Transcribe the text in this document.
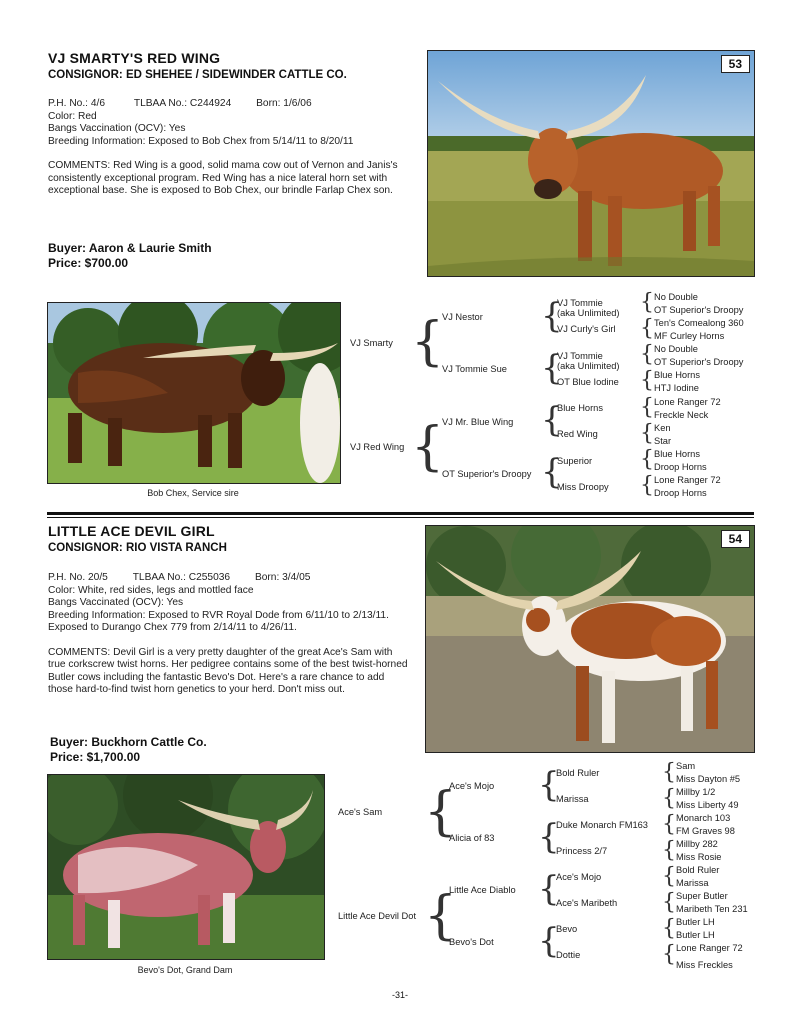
VJ SMARTY'S RED WING
CONSIGNOR: ED SHEHEE / SIDEWINDER CATTLE CO.
P.H. No.: 4/6	TLBAA No.: C244924 Born: 1/6/06
Color: Red
Bangs Vaccination (OCV): Yes
Breeding Information: Exposed to Bob Chex from 5/14/11 to 8/20/11
COMMENTS: Red Wing is a good, solid mama cow out of Vernon and Janis's consistently exceptional program. Red Wing has a nice lateral horn set with exceptional base. She is exposed to Bob Chex, our brindle Farlap Chex son.
Buyer: Aaron & Laurie Smith
Price: $700.00
53
Bob Chex, Service sire
VJ Smarty
VJ Red Wing
{
{
VJ Nestor
VJ Tommie Sue
VJ Mr. Blue Wing
OT Superior's Droopy
{
{
{
{
VJ Tommie
(aka Unlimited)
VJ Curly's Girl
VJ Tommie
(aka Unlimited)
OT Blue Iodine
Blue Horns
Red Wing
Superior
Miss Droopy
{
{
{
{
{
{
{
{
No Double
OT Superior's Droopy
Ten's Comealong 360
MF Curley Horns
No Double
OT Superior's Droopy
Blue Horns
HTJ Iodine
Lone Ranger 72
Freckle Neck
Ken
Star
Blue Horns
Droop Horns
Lone Ranger 72
Droop Horns
LITTLE ACE DEVIL GIRL
CONSIGNOR: RIO VISTA RANCH
P.H. No. 20/5 TLBAA No.: C255036 Born: 3/4/05
Color: White, red sides, legs and mottled face
Bangs Vaccinated (OCV): Yes
Breeding Information: Exposed to RVR Royal Dode from 6/11/10 to 2/13/11. Exposed to Durango Chex 779 from 2/14/11 to 4/26/11.
COMMENTS: Devil Girl is a very pretty daughter of the great Ace's Sam with true corkscrew twist horns. Her pedigree contains some of the best twist-horned Butler cows including the fantastic Bevo's Dot. Here's a rare chance to add those hard-to-find twist horn genetics to your herd. Don't miss out.
Buyer: Buckhorn Cattle Co.
Price: $1,700.00
54
Bevo's Dot, Grand Dam
Ace's Sam
Little Ace Devil Dot
{
{
Ace's Mojo
Alicia of 83
Little Ace Diablo
Bevo's Dot
{
{
{
{
Bold Ruler
Marissa
Duke Monarch FM163
Princess 2/7
Ace's Mojo
Ace's Maribeth
Bevo
Dottie
{
{
{
{
{
{
{
{
Sam
Miss Dayton #5
Millby 1/2
Miss Liberty 49
Monarch 103
FM Graves 98
Millby 282
Miss Rosie
Bold Ruler
Marissa
Super Butler
Maribeth Ten 231
Butler LH
Butler LH
Lone Ranger 72
Miss Freckles
-31-
